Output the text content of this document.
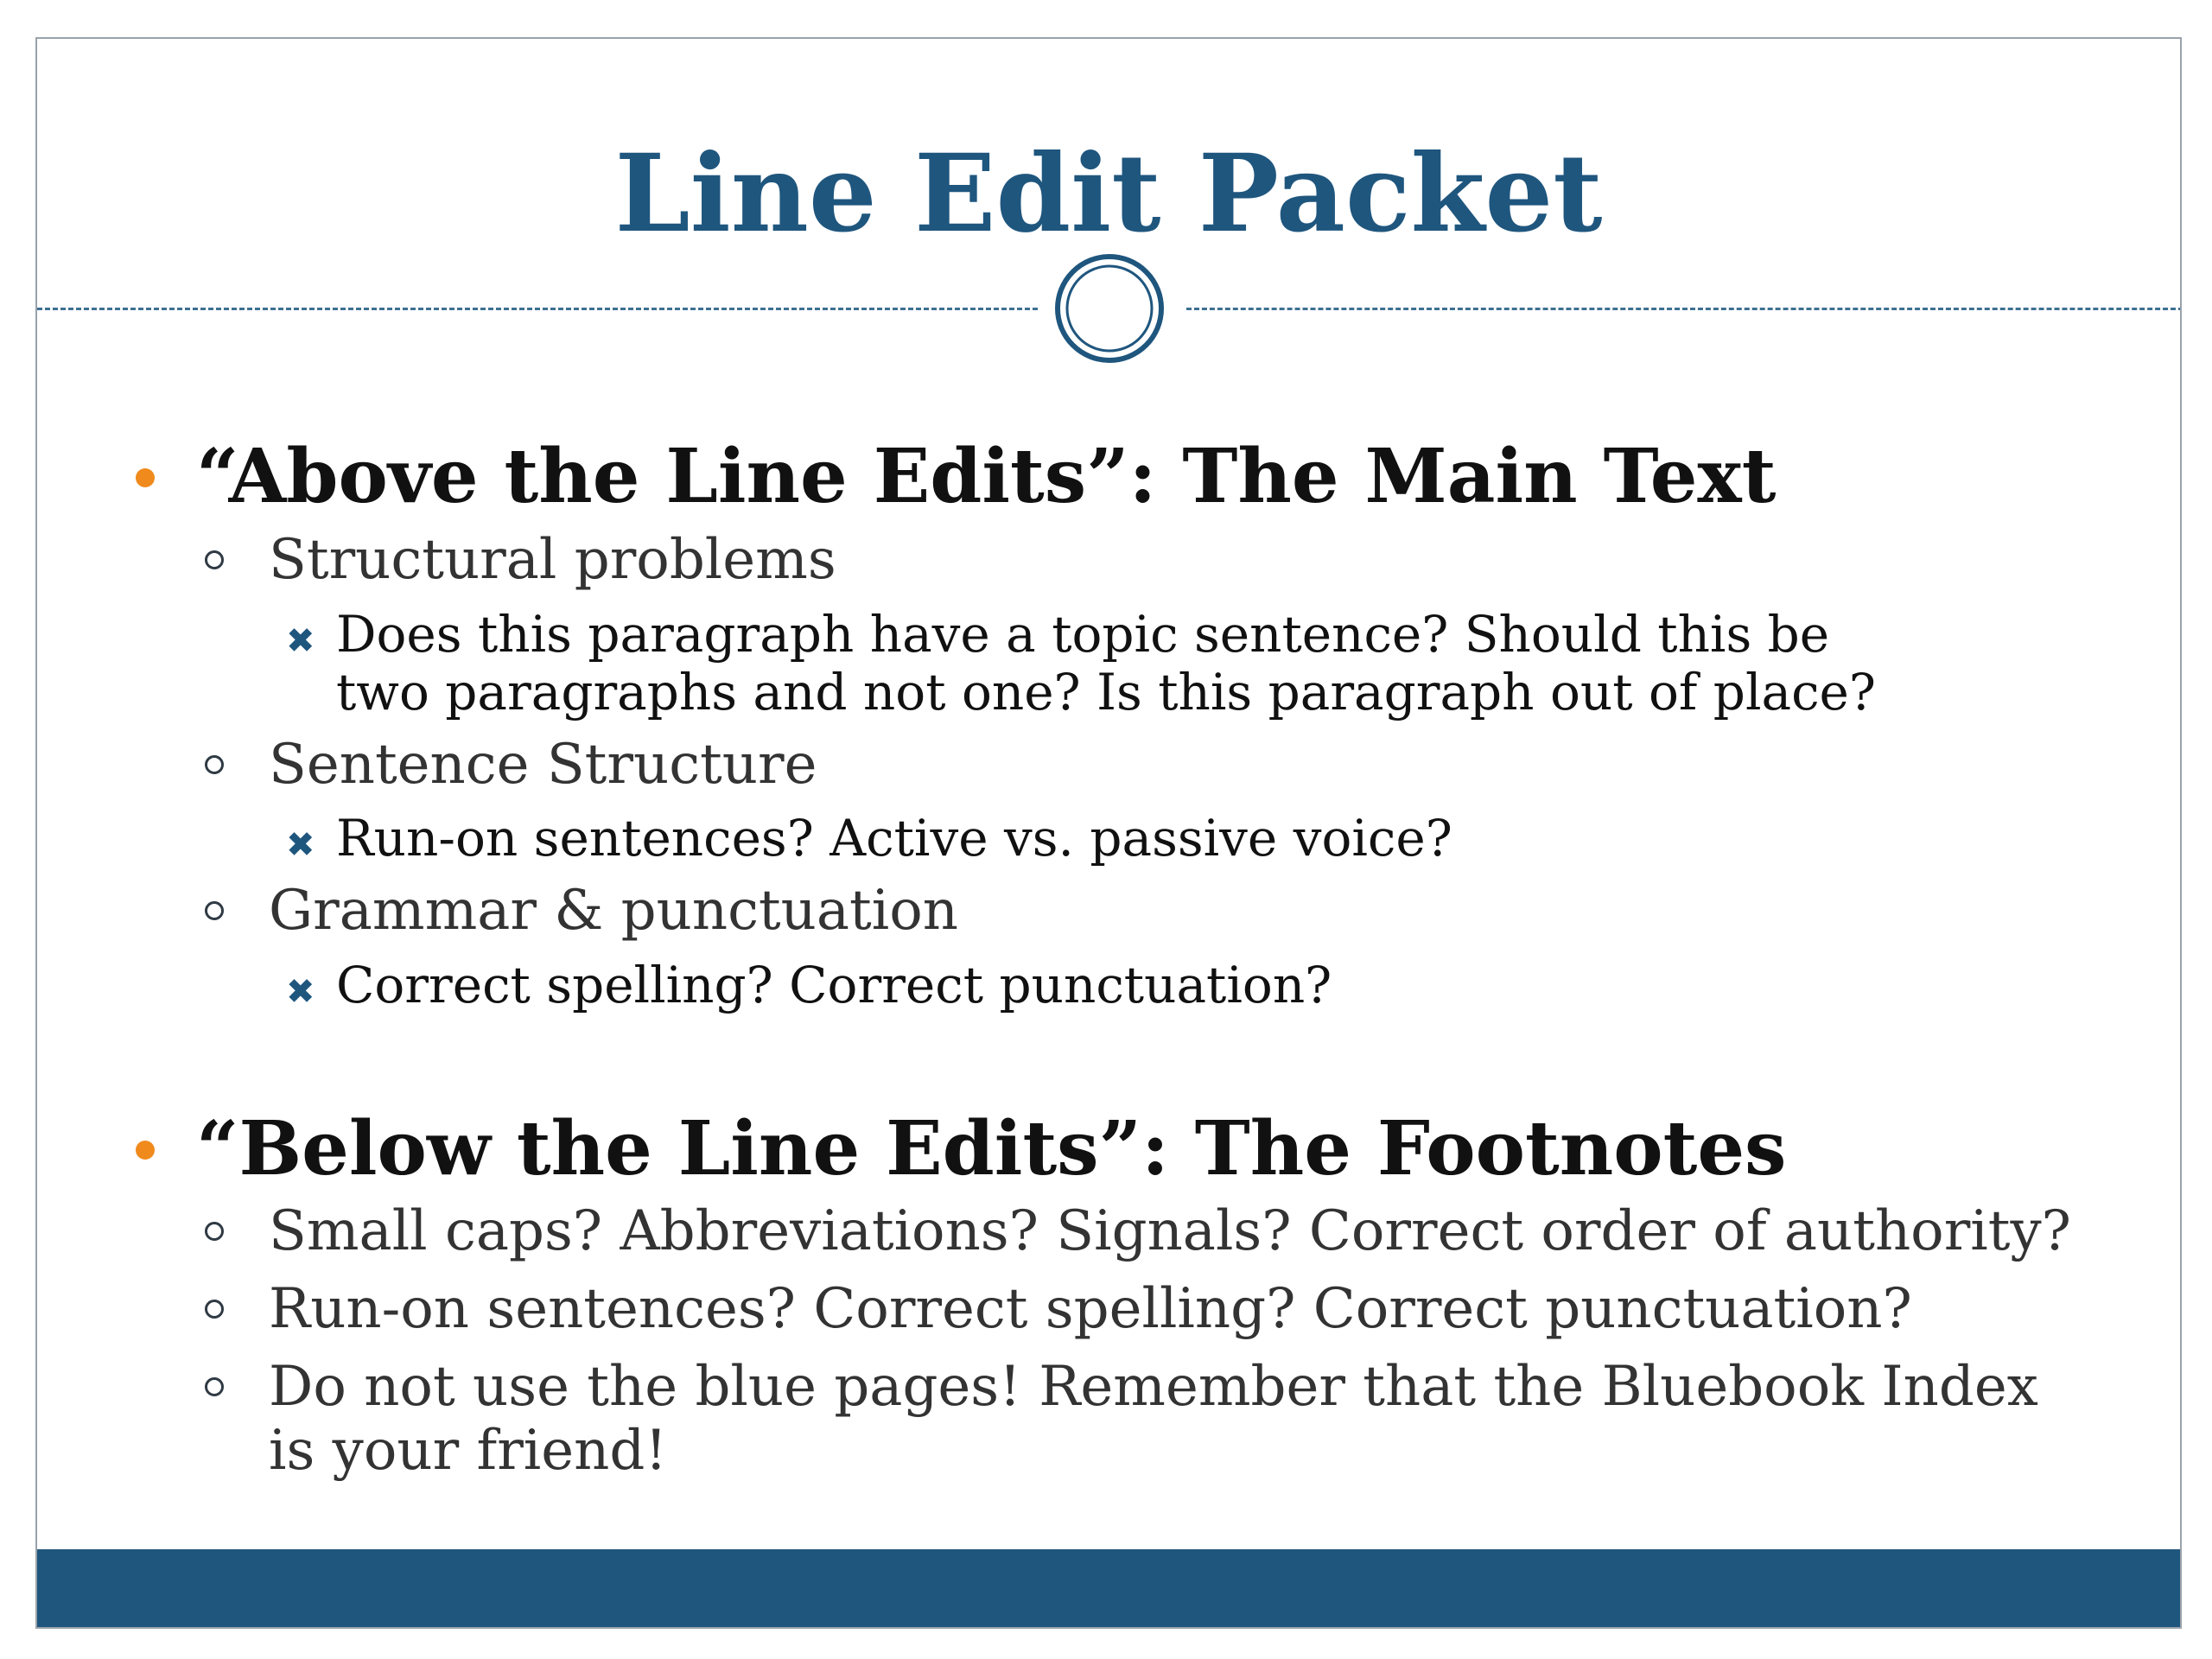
Line Edit Packet
“Above the Line Edits”: The Main Text
Structural problems
✖ Does this paragraph have a topic sentence? Should this be two paragraphs and not one? Is this paragraph out of place?
Sentence Structure
✖ Run-on sentences? Active vs. passive voice?
Grammar & punctuation
✖ Correct spelling? Correct punctuation?
“Below the Line Edits”: The Footnotes
Small caps? Abbreviations? Signals? Correct order of authority?
Run-on sentences? Correct spelling? Correct punctuation?
Do not use the blue pages! Remember that the Bluebook Index is your friend!
